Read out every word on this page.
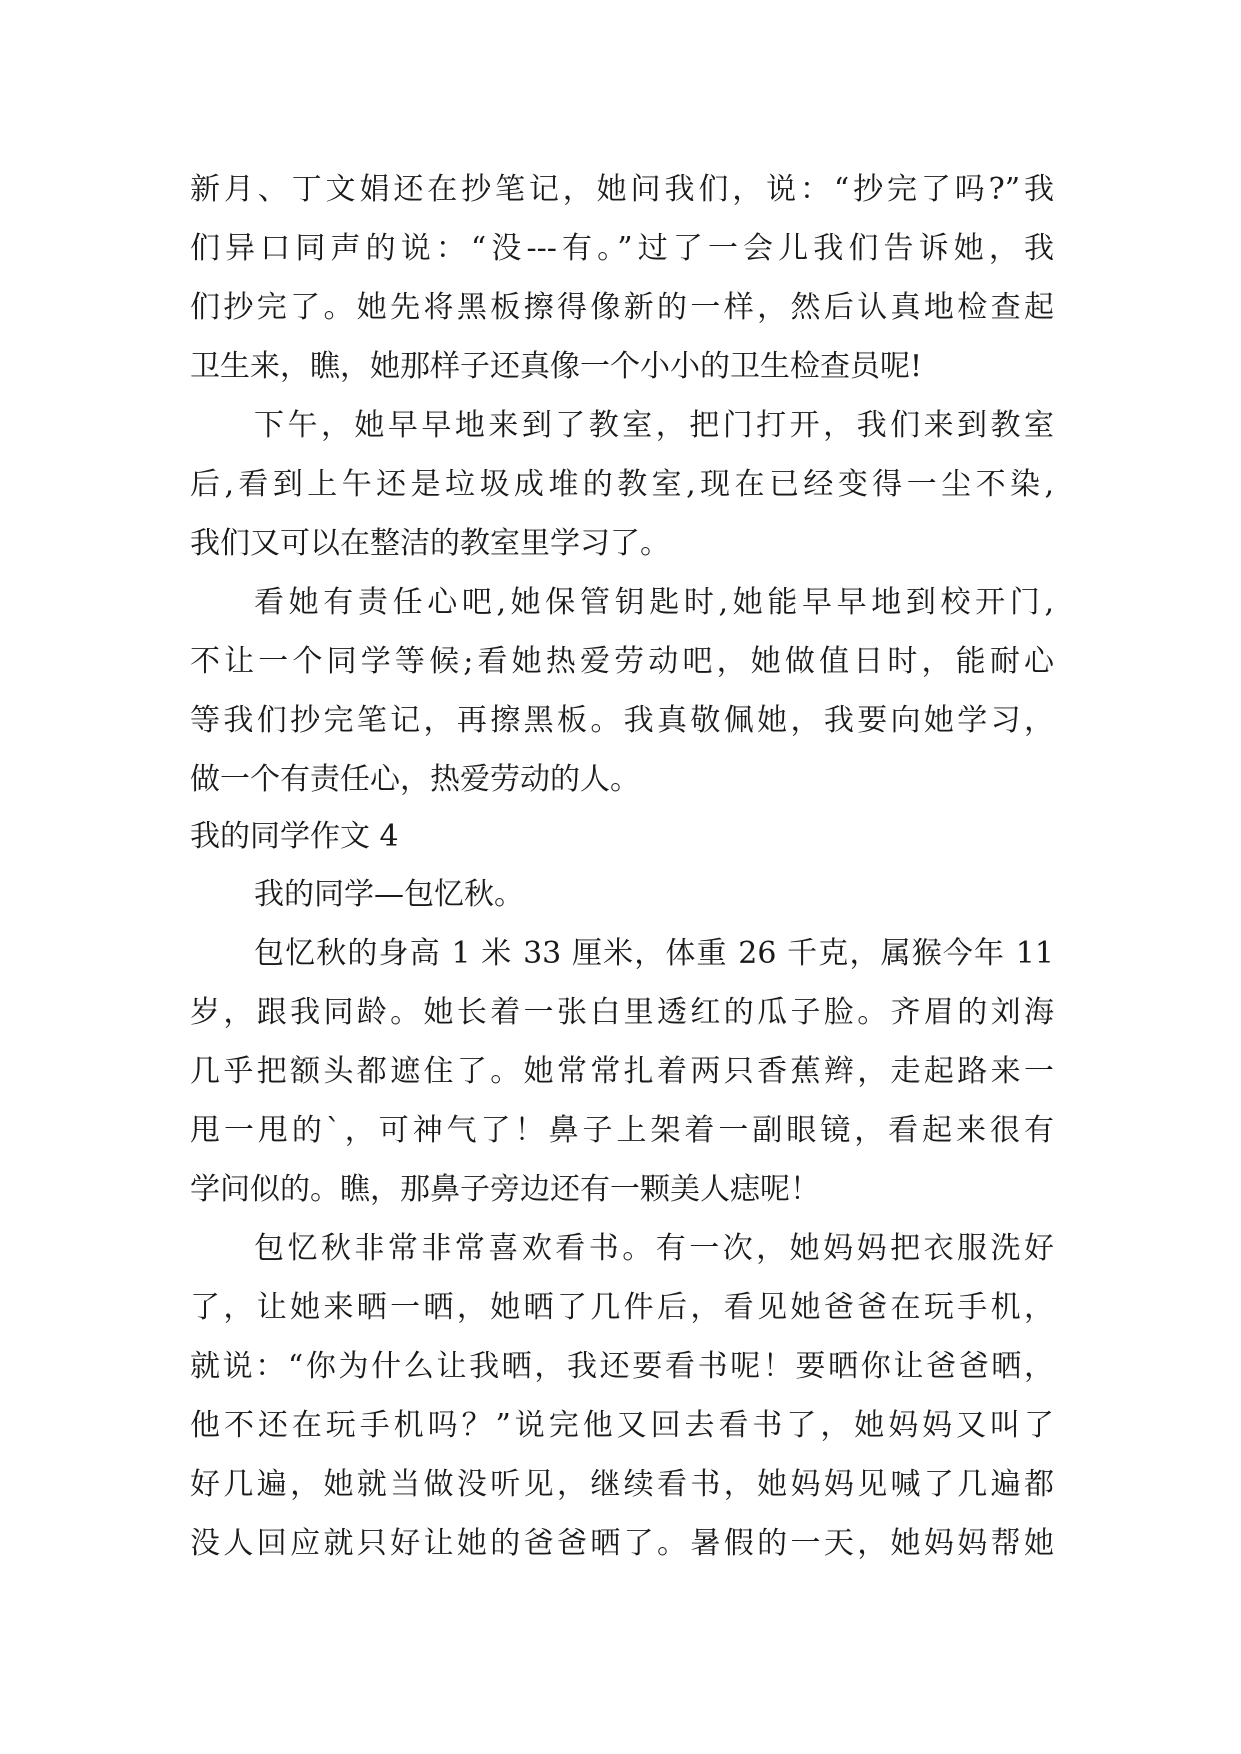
新月、丁文娟还在抄笔记，她问我们，说：“抄完了吗?”我
们异口同声的说：“没---有。”过了一会儿我们告诉她，我
们抄完了。她先将黑板擦得像新的一样，然后认真地检查起
卫生来，瞧，她那样子还真像一个小小的卫生检查员呢!
下午，她早早地来到了教室，把门打开，我们来到教室
后,看到上午还是垃圾成堆的教室,现在已经变得一尘不染,
我们又可以在整洁的教室里学习了。
看她有责任心吧,她保管钥匙时,她能早早地到校开门,
不让一个同学等候;看她热爱劳动吧，她做值日时，能耐心
等我们抄完笔记，再擦黑板。我真敬佩她，我要向她学习，
做一个有责任心，热爱劳动的人。
我的同学作文 4
我的同学—包忆秋。
包忆秋的身高 1 米 33 厘米，体重 26 千克，属猴今年 11
岁，跟我同龄。她长着一张白里透红的瓜子脸。齐眉的刘海
几乎把额头都遮住了。她常常扎着两只香蕉辫，走起路来一
甩一甩的`，可神气了！鼻子上架着一副眼镜，看起来很有
学问似的。瞧，那鼻子旁边还有一颗美人痣呢！
包忆秋非常非常喜欢看书。有一次，她妈妈把衣服洗好
了，让她来晒一晒，她晒了几件后，看见她爸爸在玩手机，
就说：“你为什么让我晒，我还要看书呢！要晒你让爸爸晒，
他不还在玩手机吗？”说完他又回去看书了，她妈妈又叫了
好几遍，她就当做没听见，继续看书，她妈妈见喊了几遍都
没人回应就只好让她的爸爸晒了。暑假的一天，她妈妈帮她
